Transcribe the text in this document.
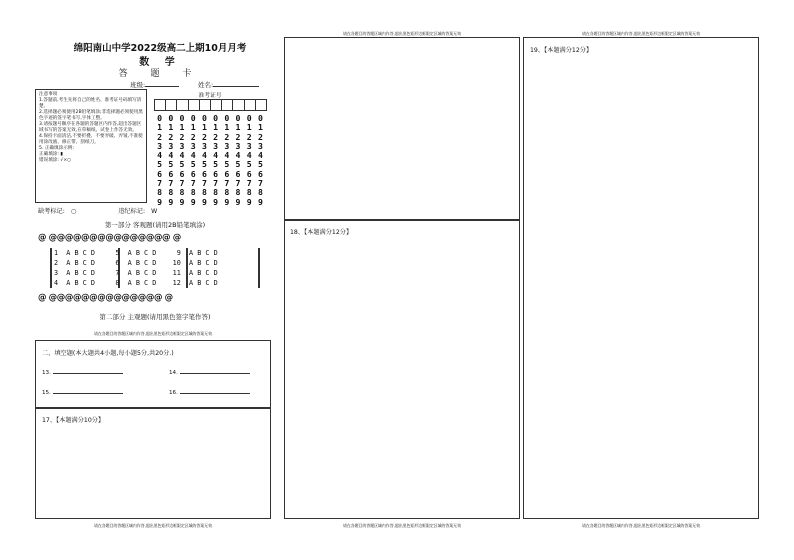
绵阳南山中学2022级高二上期10月月考
数 学
答 题 卡
班级:	姓名:

注意事项

1.答题前,考生先将自己的姓名、准考证号码填写清楚。

2.选择题必须使用2B铅笔填涂;非选择题必须使用黑色字迹的签字笔书写,字体工整。

3.请按题号顺序在各题的答题区内作答,超出答题区域书写的答案无效,在草稿纸、试卷上作答无效。

4.保持卡面清洁,不要折叠、不要弄破、弄皱,不准使用涂改液、修正带、刮纸刀。

5. 正确填涂示例:

正确填涂: ▮

错误填涂: √×○

准考证号
0 0 0 0 0 0 0 0 0 0
1 1 1 1 1 1 1 1 1 1
2 2 2 2 2 2 2 2 2 2
3 3 3 3 3 3 3 3 3 3
4 4 4 4 4 4 4 4 4 4
5 5 5 5 5 5 5 5 5 5
6 6 6 6 6 6 6 6 6 6
7 7 7 7 7 7 7 7 7 7
8 8 8 8 8 8 8 8 8 8
9 9 9 9 9 9 9 9 9 9
缺考标记: ○	违纪标记: W
第一部分 客观题(请用2B铅笔填涂)
@ @@@@@@@@@@@@@@@ @
1  A B C D     5  A B C D     9  A B C D
2  A B C D     6  A B C D    10  A B C D
3  A B C D     7  A B C D    11  A B C D
4  A B C D     8  A B C D    12  A B C D
@ @@@@@@@@@@@@@@ @
第二部分 主观题(请用黑色签字笔作答)
请在各题目的答题区域内作答,超出黑色矩形边框限定区域的答案无效
二、填空题(本大题共4小题,每小题5分,共20分.)
13.	14.
15.	16.
17、【本题满分10分】
请在各题目的答题区域内作答,超出黑色矩形边框限定区域的答案无效
请在各题目的答题区域内作答,超出黑色矩形边框限定区域的答案无效
18、【本题满分12分】
请在各题目的答题区域内作答,超出黑色矩形边框限定区域的答案无效
请在各题目的答题区域内作答,超出黑色矩形边框限定区域的答案无效
19、【本题满分12分】
请在各题目的答题区域内作答,超出黑色矩形边框限定区域的答案无效
